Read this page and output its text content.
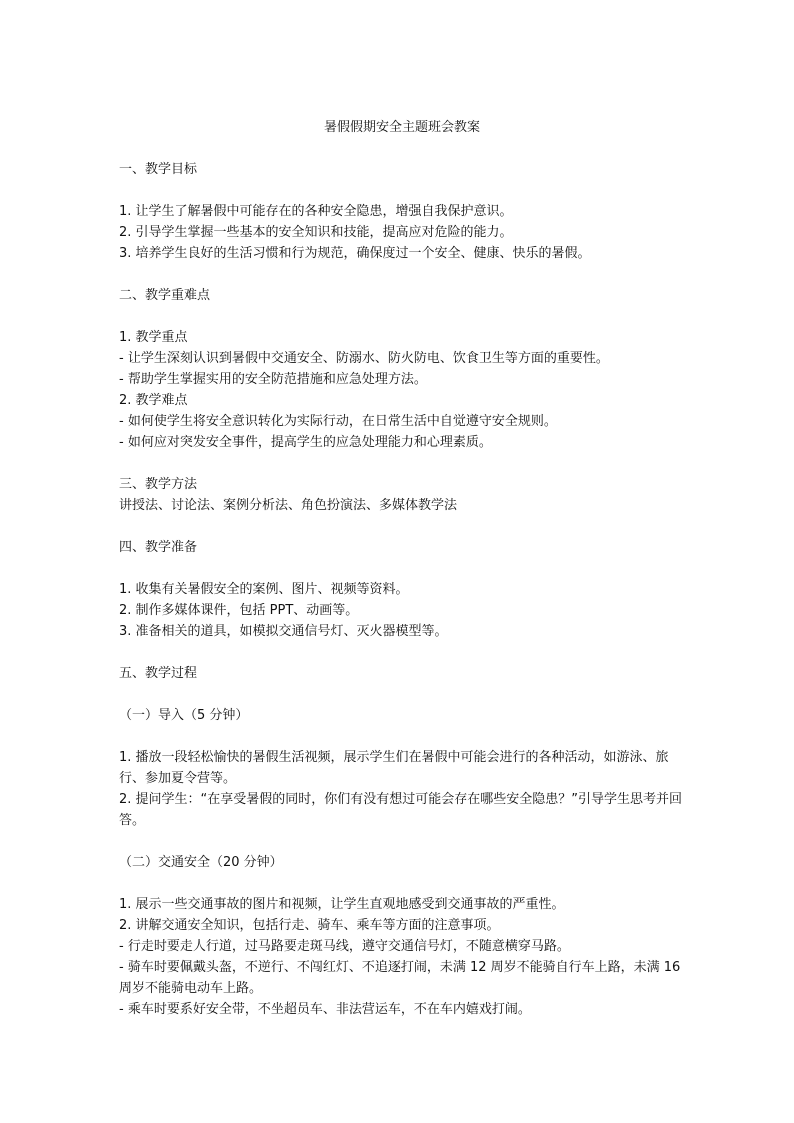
暑假假期安全主题班会教案

一、教学目标

1. 让学生了解暑假中可能存在的各种安全隐患，增强自我保护意识。

2. 引导学生掌握一些基本的安全知识和技能，提高应对危险的能力。

3. 培养学生良好的生活习惯和行为规范，确保度过一个安全、健康、快乐的暑假。

二、教学重难点

1. 教学重点

- 让学生深刻认识到暑假中交通安全、防溺水、防火防电、饮食卫生等方面的重要性。

- 帮助学生掌握实用的安全防范措施和应急处理方法。

2. 教学难点

- 如何使学生将安全意识转化为实际行动，在日常生活中自觉遵守安全规则。

- 如何应对突发安全事件，提高学生的应急处理能力和心理素质。

三、教学方法

讲授法、讨论法、案例分析法、角色扮演法、多媒体教学法

四、教学准备

1. 收集有关暑假安全的案例、图片、视频等资料。

2. 制作多媒体课件，包括 PPT、动画等。

3. 准备相关的道具，如模拟交通信号灯、灭火器模型等。

五、教学过程

（一）导入（5 分钟）

1. 播放一段轻松愉快的暑假生活视频，展示学生们在暑假中可能会进行的各种活动，如游泳、旅行、参加夏令营等。

2. 提问学生：“在享受暑假的同时，你们有没有想过可能会存在哪些安全隐患？”引导学生思考并回答。

（二）交通安全（20 分钟）

1. 展示一些交通事故的图片和视频，让学生直观地感受到交通事故的严重性。

2. 讲解交通安全知识，包括行走、骑车、乘车等方面的注意事项。

- 行走时要走人行道，过马路要走斑马线，遵守交通信号灯，不随意横穿马路。

- 骑车时要佩戴头盔，不逆行、不闯红灯、不追逐打闹，未满 12 周岁不能骑自行车上路，未满 16 周岁不能骑电动车上路。

- 乘车时要系好安全带，不坐超员车、非法营运车，不在车内嬉戏打闹。
